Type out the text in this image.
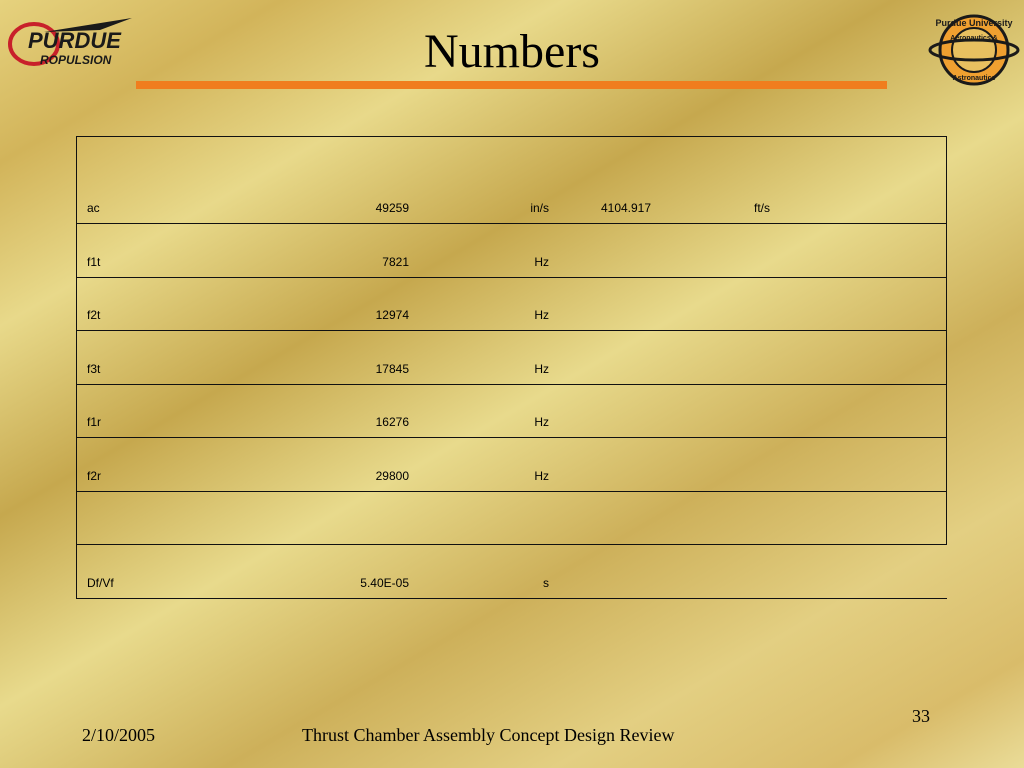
PURDUE
ROPULSION	Numbers
Purdue University
Aeronautics &
Astronautics
ac	49259	in/s	4104.917	ft/s	
f1t	7821	Hz			
f2t	12974	Hz			
f3t	17845	Hz			
f1r	16276	Hz			
f2r	29800	Hz			

Df/Vf	5.40E-05	s			
33
2/10/2005	Thrust Chamber Assembly Concept Design Review
